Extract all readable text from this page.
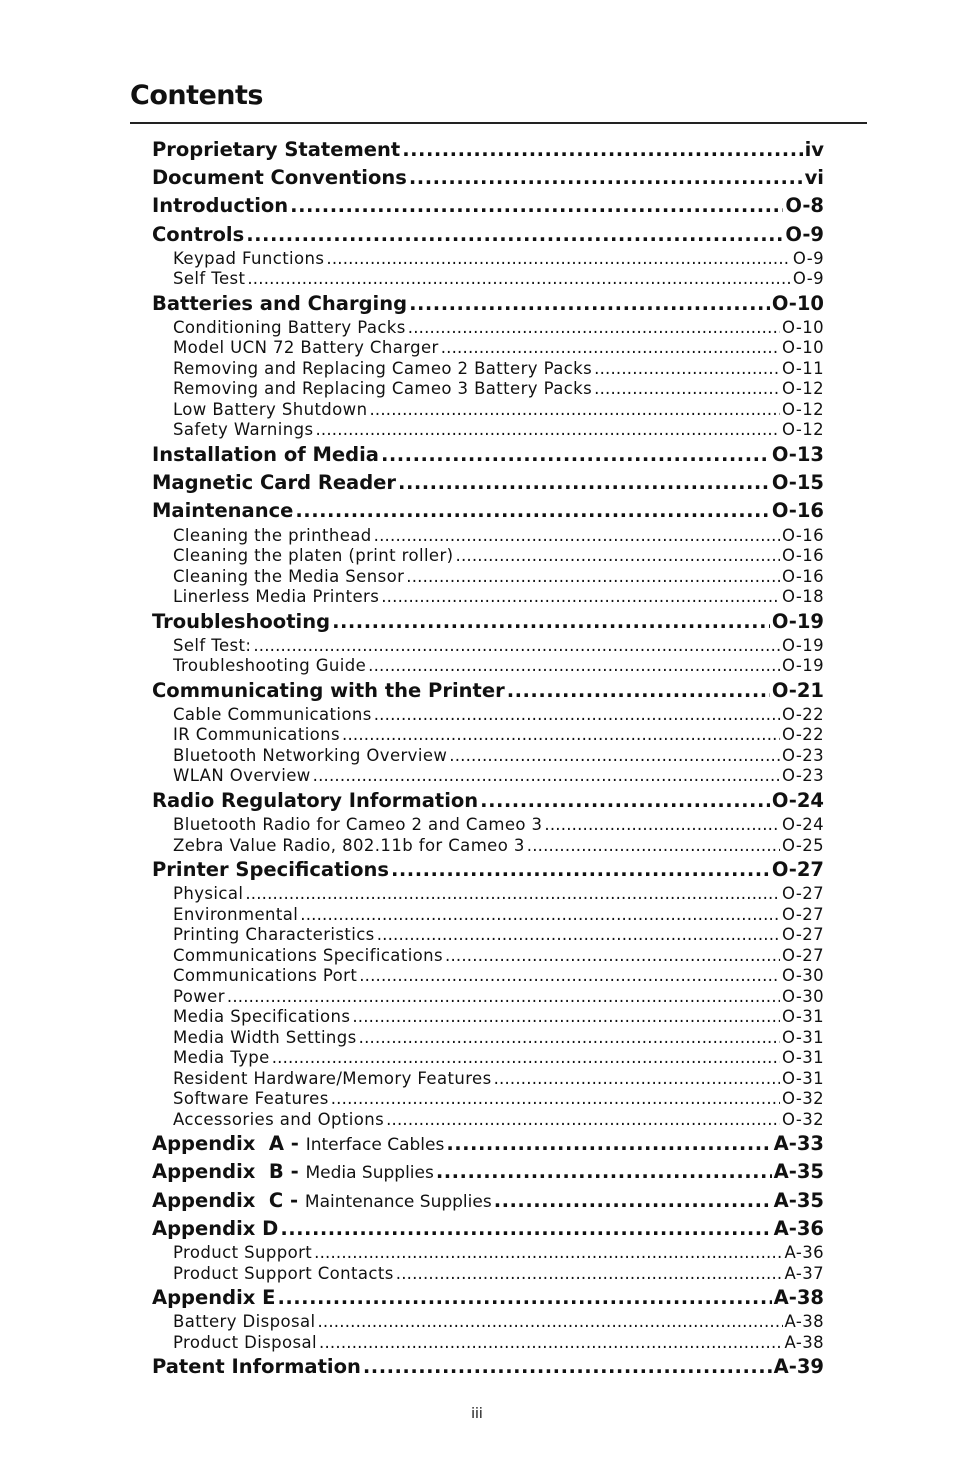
Contents
Proprietary Statement .....	iv
Document Conventions .....	vi
Introduction .....	O-8
Controls .....	O-9
Keypad Functions .....	O-9
Self Test .....	O-9
Batteries and Charging .....	O-10
Conditioning Battery Packs .....	O-10
Model UCN 72 Battery Charger .....	O-10
Removing and Replacing Cameo 2 Battery Packs .....	O-11
Removing and Replacing Cameo 3 Battery Packs .....	O-12
Low Battery Shutdown .....	O-12
Safety Warnings .....	O-12
Installation of Media .....	O-13
Magnetic Card Reader .....	O-15
Maintenance .....	O-16
Cleaning the printhead .....	O-16
Cleaning the platen (print roller) .....	O-16
Cleaning the Media Sensor .....	O-16
Linerless Media Printers .....	O-18
Troubleshooting .....	O-19
Self Test: .....	O-19
Troubleshooting Guide .....	O-19
Communicating with the Printer .....	O-21
Cable Communications .....	O-22
IR Communications .....	O-22
Bluetooth Networking Overview .....	O-23
WLAN Overview .....	O-23
Radio Regulatory Information .....	O-24
Bluetooth Radio for Cameo 2 and Cameo 3 .....	O-24
Zebra Value Radio, 802.11b for Cameo 3 .....	O-25
Printer Specifications .....	O-27
Physical .....	O-27
Environmental .....	O-27
Printing Characteristics .....	O-27
Communications Specifications .....	O-27
Communications Port .....	O-30
Power .....	O-30
Media Specifications .....	O-31
Media Width Settings .....	O-31
Media Type .....	O-31
Resident Hardware/Memory Features .....	O-31
Software Features .....	O-32
Accessories and Options .....	O-32
Appendix  A - Interface Cables .....	A-33
Appendix  B - Media Supplies .....	A-35
Appendix  C - Maintenance Supplies .....	A-35
Appendix D .....	A-36
Product Support .....	A-36
Product Support Contacts .....	A-37
Appendix E .....	A-38
Battery Disposal .....	A-38
Product Disposal .....	A-38
Patent Information .....	A-39
iii
